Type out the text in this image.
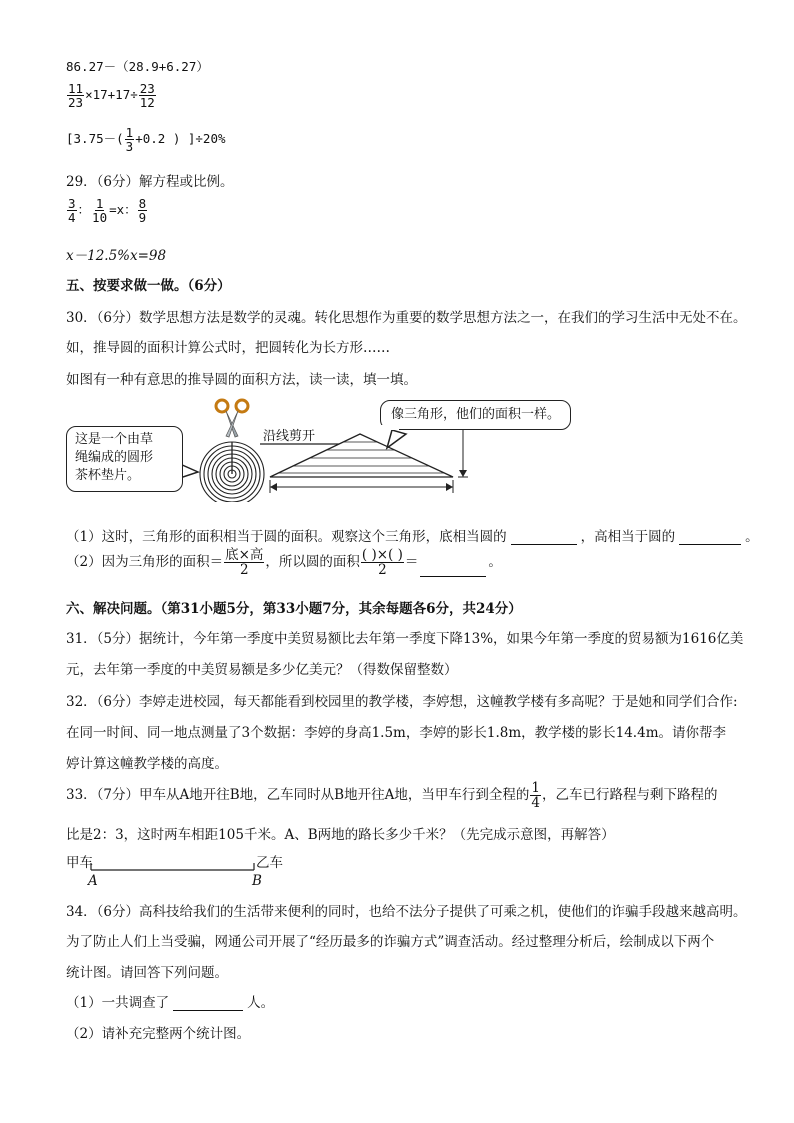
86.27－（28.9+6.27）
$\frac{11}{23} \times 17+17\div \frac{23}{12}$
[$3.75-( \frac{1}{3} +0.2$ ) ]÷20%
29．（6分）解方程或比例。
$\frac{3}{4}$ ： $\frac{1}{10} =x$： $\frac{8}{9}$
x－12.5%x=98
五、按要求做一做。（6分）
30．（6分）数学思想方法是数学的灵魂。转化思想作为重要的数学思想方法之一，在我们的学习生活中无处不在。
如，推导圆的面积计算公式时，把圆转化为长方形……
如图有一种有意思的推导圆的面积方法，读一读，填一填。
沿线剪开
这是一个由草
绳编成的圆形
茶杯垫片。
像三角形，他们的面积一样。
（1）这时，三角形的面积相当于圆的面积。观察这个三角形，底相当圆的	，高相当于圆的	。
（2）因为三角形的面积＝ $\frac{\text{底×高}}{2}$ ，所以圆的面积 $\frac{( )\times( )}{2}$ ＝	。
六、解决问题。（第31小题5分，第33小题7分，其余每题各6分，共24分）
31．（5分）据统计，今年第一季度中美贸易额比去年第一季度下降13%，如果今年第一季度的贸易额为1616亿美
元，去年第一季度的中美贸易额是多少亿美元？（得数保留整数）
32．（6分）李婷走进校园，每天都能看到校园里的教学楼，李婷想，这幢教学楼有多高呢？于是她和同学们合作:
在同一时间、同一地点测量了3个数据：李婷的身高1.5m，李婷的影长1.8m，教学楼的影长14.4m。请你帮李
婷计算这幢教学楼的高度。
33．（7分）甲车从A地开往B地，乙车同时从B地开往A地，当甲车行到全程的 $\frac{1}{4}$ ，乙车已行路程与剩下路程的
比是2：3，这时两车相距105千米。A、B两地的路长多少千米？（先完成示意图，再解答）
甲车	乙车
A	B
34．（6分）高科技给我们的生活带来便利的同时，也给不法分子提供了可乘之机，使他们的诈骗手段越来越高明。
为了防止人们上当受骗，网通公司开展了“经历最多的诈骗方式”调查活动。经过整理分析后，绘制成以下两个
统计图。请回答下列问题。
（1）一共调查了	人。
（2）请补充完整两个统计图。
